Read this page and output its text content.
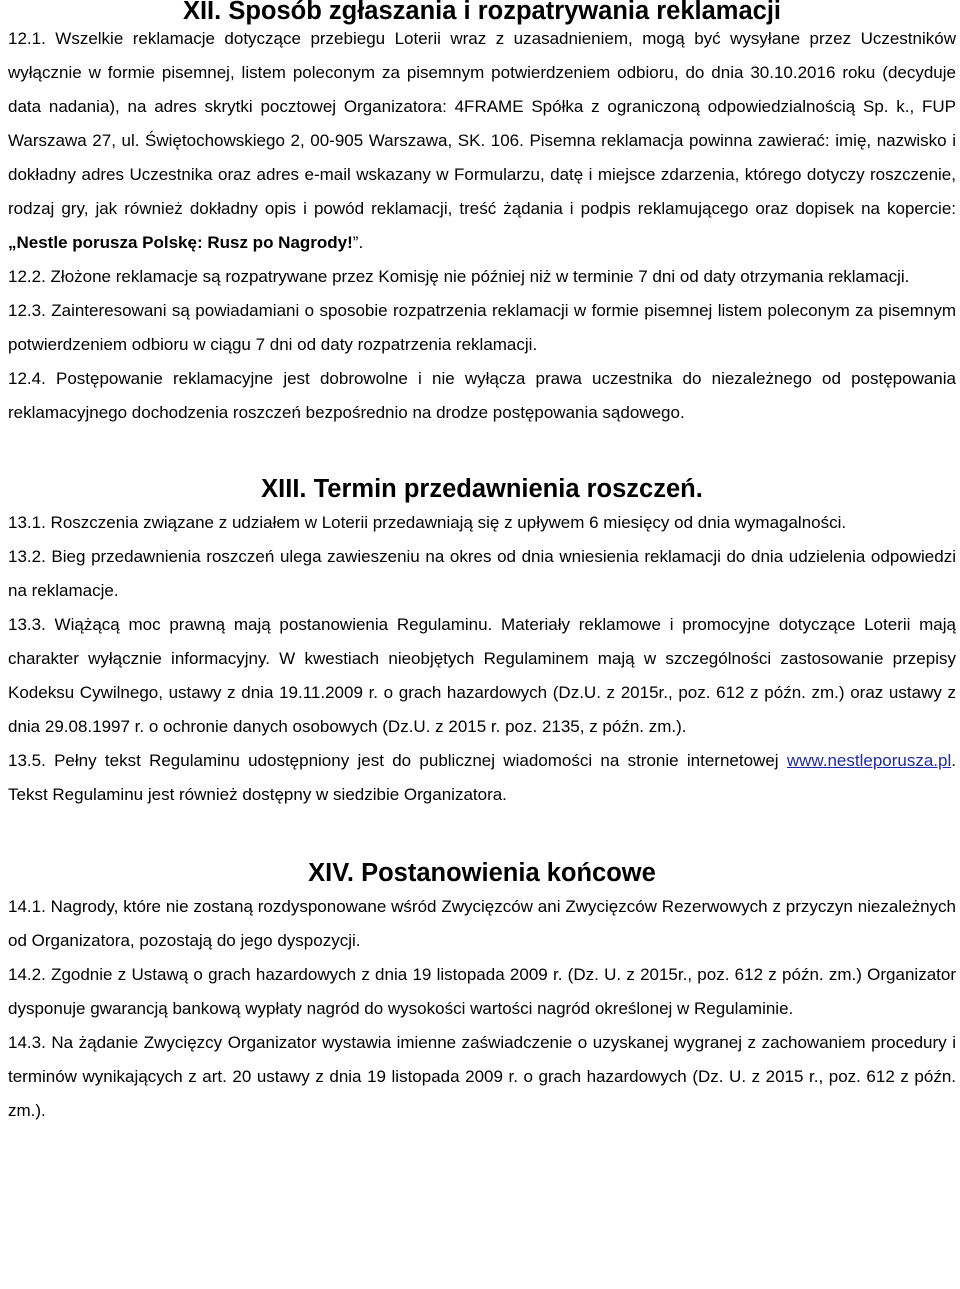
XII. Sposób zgłaszania i rozpatrywania reklamacji

12.1. Wszelkie reklamacje dotyczące przebiegu Loterii wraz z uzasadnieniem, mogą być wysyłane przez Uczestników wyłącznie w formie pisemnej, listem poleconym za pisemnym potwierdzeniem odbioru, do dnia 30.10.2016 roku (decyduje data nadania), na adres skrytki pocztowej Organizatora: 4FRAME Spółka z ograniczoną odpowiedzialnością Sp. k., FUP Warszawa 27, ul. Świętochowskiego 2, 00-905 Warszawa, SK. 106. Pisemna reklamacja powinna zawierać: imię, nazwisko i dokładny adres Uczestnika oraz adres e-mail wskazany w Formularzu, datę i miejsce zdarzenia, którego dotyczy roszczenie, rodzaj gry, jak również dokładny opis i powód reklamacji, treść żądania i podpis reklamującego oraz dopisek na kopercie: „Nestle porusza Polskę: Rusz po Nagrody!”.

12.2. Złożone reklamacje są rozpatrywane przez Komisję nie później niż w terminie 7 dni od daty otrzymania reklamacji.

12.3. Zainteresowani są powiadamiani o sposobie rozpatrzenia reklamacji w formie pisemnej listem poleconym za pisemnym potwierdzeniem odbioru w ciągu 7 dni od daty rozpatrzenia reklamacji.

12.4. Postępowanie reklamacyjne jest dobrowolne i nie wyłącza prawa uczestnika do niezależnego od postępowania reklamacyjnego dochodzenia roszczeń bezpośrednio na drodze postępowania sądowego.

XIII. Termin przedawnienia roszczeń.

13.1. Roszczenia związane z udziałem w Loterii przedawniają się z upływem 6 miesięcy od dnia wymagalności.

13.2. Bieg przedawnienia roszczeń ulega zawieszeniu na okres od dnia wniesienia reklamacji do dnia udzielenia odpowiedzi na reklamacje.

13.3. Wiążącą moc prawną mają postanowienia Regulaminu. Materiały reklamowe i promocyjne dotyczące Loterii mają charakter wyłącznie informacyjny. W kwestiach nieobjętych Regulaminem mają w szczególności zastosowanie przepisy Kodeksu Cywilnego, ustawy z dnia 19.11.2009 r. o grach hazardowych (Dz.U. z 2015r., poz. 612 z późn. zm.) oraz ustawy z dnia 29.08.1997 r. o ochronie danych osobowych (Dz.U. z 2015 r. poz. 2135, z późn. zm.).

13.5. Pełny tekst Regulaminu udostępniony jest do publicznej wiadomości na stronie internetowej www.nestleporusza.pl. Tekst Regulaminu jest również dostępny w siedzibie Organizatora.

XIV. Postanowienia końcowe

14.1. Nagrody, które nie zostaną rozdysponowane wśród Zwycięzców ani Zwycięzców Rezerwowych z przyczyn niezależnych od Organizatora, pozostają do jego dyspozycji.

14.2. Zgodnie z Ustawą o grach hazardowych z dnia 19 listopada 2009 r. (Dz. U. z 2015r., poz. 612 z późn. zm.) Organizator dysponuje gwarancją bankową wypłaty nagród do wysokości wartości nagród określonej w Regulaminie.

14.3. Na żądanie Zwycięzcy Organizator wystawia imienne zaświadczenie o uzyskanej wygranej z zachowaniem procedury i terminów wynikających z art. 20 ustawy z dnia 19 listopada 2009 r. o grach hazardowych (Dz. U. z 2015 r., poz. 612 z późn. zm.).
